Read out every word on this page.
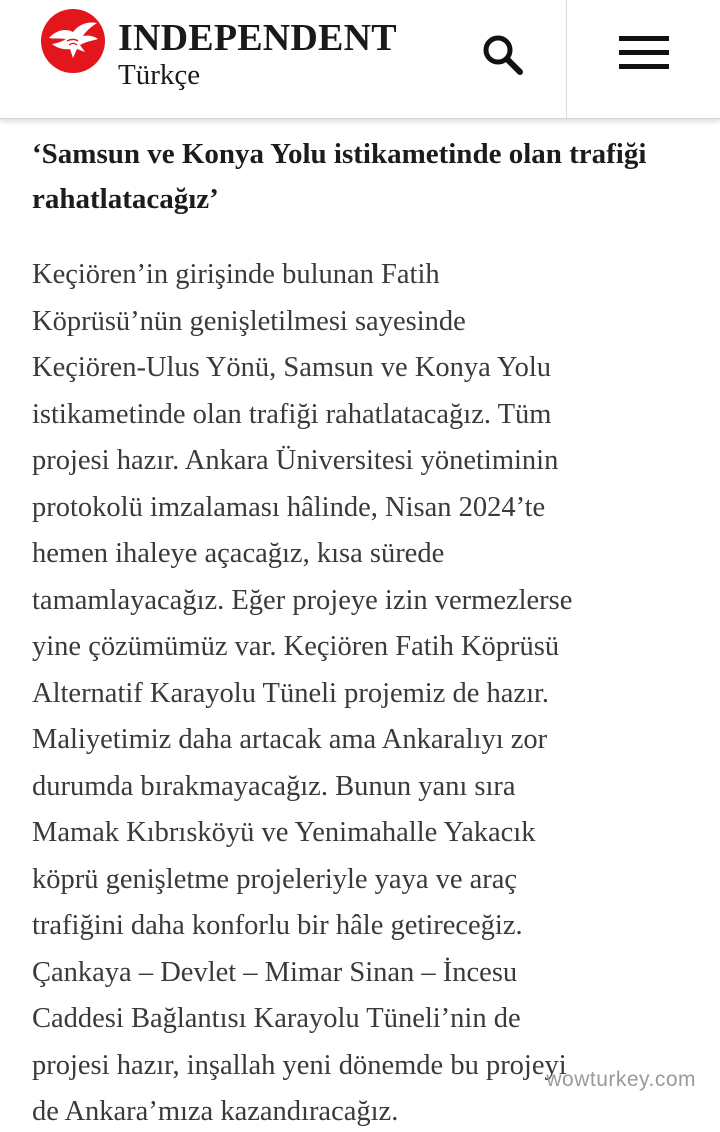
INDEPENDENT
Türkçe
‘Samsun ve Konya Yolu istikametinde olan trafiği rahatlatacağız’

Keçiören’in girişinde bulunan Fatih
Köprüsü’nün genişletilmesi sayesinde
Keçiören-Ulus Yönü, Samsun ve Konya Yolu
istikametinde olan trafiği rahatlatacağız. Tüm
projesi hazır. Ankara Üniversitesi yönetiminin
protokolü imzalaması hâlinde, Nisan 2024’te
hemen ihaleye açacağız, kısa sürede
tamamlayacağız. Eğer projeye izin vermezlerse
yine çözümümüz var. Keçiören Fatih Köprüsü
Alternatif Karayolu Tüneli projemiz de hazır.
Maliyetimiz daha artacak ama Ankaralıyı zor
durumda bırakmayacağız. Bunun yanı sıra
Mamak Kıbrısköyü ve Yenimahalle Yakacık
köprü genişletme projeleriyle yaya ve araç
trafiğini daha konforlu bir hâle getireceğiz.
Çankaya – Devlet – Mimar Sinan – İncesu
Caddesi Bağlantısı Karayolu Tüneli’nin de
projesi hazır, inşallah yeni dönemde bu projeyi
de Ankara’mıza kazandıracağız.

wowturkey.com
